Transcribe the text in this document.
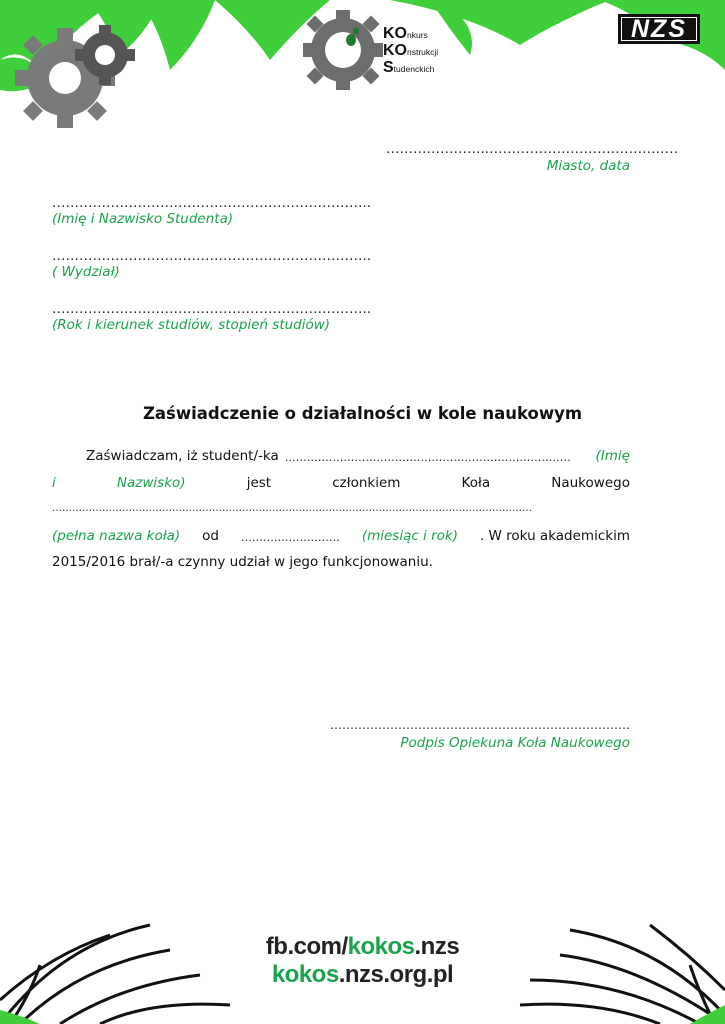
KOnkurs
KOnstrukcji
Studenckich
NZS
…………………..……………………………………
Miasto, data
……………………………………………………………..
(Imię i Nazwisko Studenta)
……………………………………………………………..
( Wydział)
……………………………………………………………..
(Rok i kierunek studiów, stopień studiów)
Zaświadczenie o działalności w kole naukowym
Zaświadczam, iż student/-ka ……………………………………………………………………	(Imię
i	Nazwisko)	jest	członkiem	Koła	Naukowego
………………………………………………………………………………………………………………………………
(pełna nazwa koła) od ……………………… (miesiąc i rok) . W roku akademickim
2015/2016 brał/-a czynny udział w jego funkcjonowaniu.
…………………………………………………………………
Podpis Opiekuna Koła Naukowego
fb.com/kokos.nzs
kokos.nzs.org.pl
